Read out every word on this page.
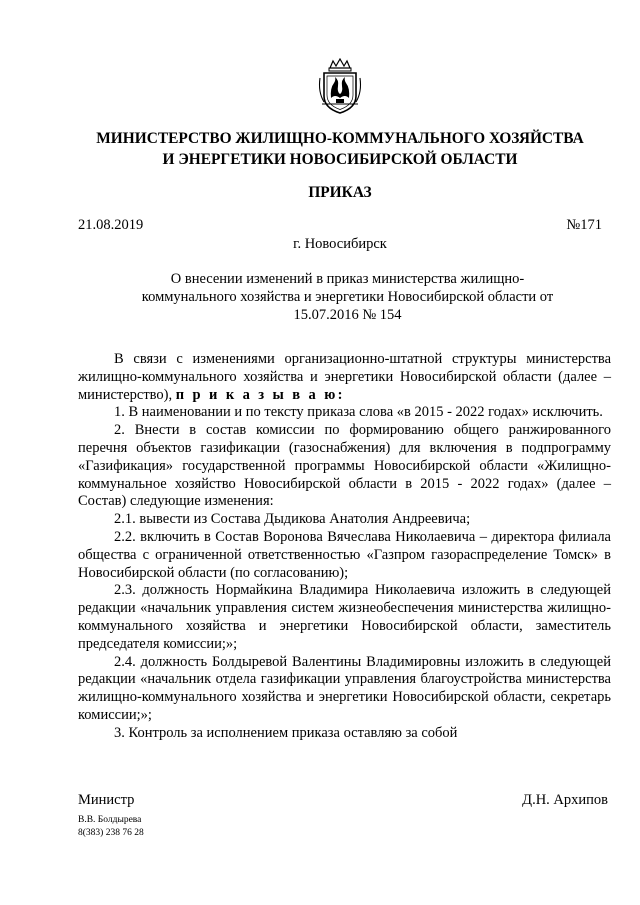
МИНИСТЕРСТВО ЖИЛИЩНО-КОММУНАЛЬНОГО ХОЗЯЙСТВА
И ЭНЕРГЕТИКИ НОВОСИБИРСКОЙ ОБЛАСТИ
ПРИКАЗ
21.08.2019	№171
г. Новосибирск
О внесении изменений в приказ министерства жилищно-
коммунального хозяйства и энергетики Новосибирской области от
15.07.2016 № 154

В связи с изменениями организационно-штатной структуры министерства жилищно-коммунального хозяйства и энергетики Новосибирской области (далее – министерство), п р и к а з ы в а ю:

1. В наименовании и по тексту приказа слова «в 2015 - 2022 годах» исключить.

2. Внести в состав комиссии по формированию общего ранжированного перечня объектов газификации (газоснабжения) для включения в подпрограмму «Газификация» государственной программы Новосибирской области «Жилищно-коммунальное хозяйство Новосибирской области в 2015 - 2022 годах» (далее – Состав) следующие изменения:

2.1. вывести из Состава Дыдикова Анатолия Андреевича;

2.2. включить в Состав Воронова Вячеслава Николаевича – директора филиала общества с ограниченной ответственностью «Газпром газораспределение Томск» в Новосибирской области (по согласованию);

2.3. должность Нормайкина Владимира Николаевича изложить в следующей редакции «начальник управления систем жизнеобеспечения министерства жилищно-коммунального хозяйства и энергетики Новосибирской области, заместитель председателя комиссии;»;

2.4. должность Болдыревой Валентины Владимировны изложить в следующей редакции «начальник отдела газификации управления благоустройства министерства жилищно-коммунального хозяйства и энергетики Новосибирской области, секретарь комиссии;»;

3. Контроль за исполнением приказа оставляю за собой

Министр	Д.Н. Архипов
В.В. Болдырева
8(383) 238 76 28
